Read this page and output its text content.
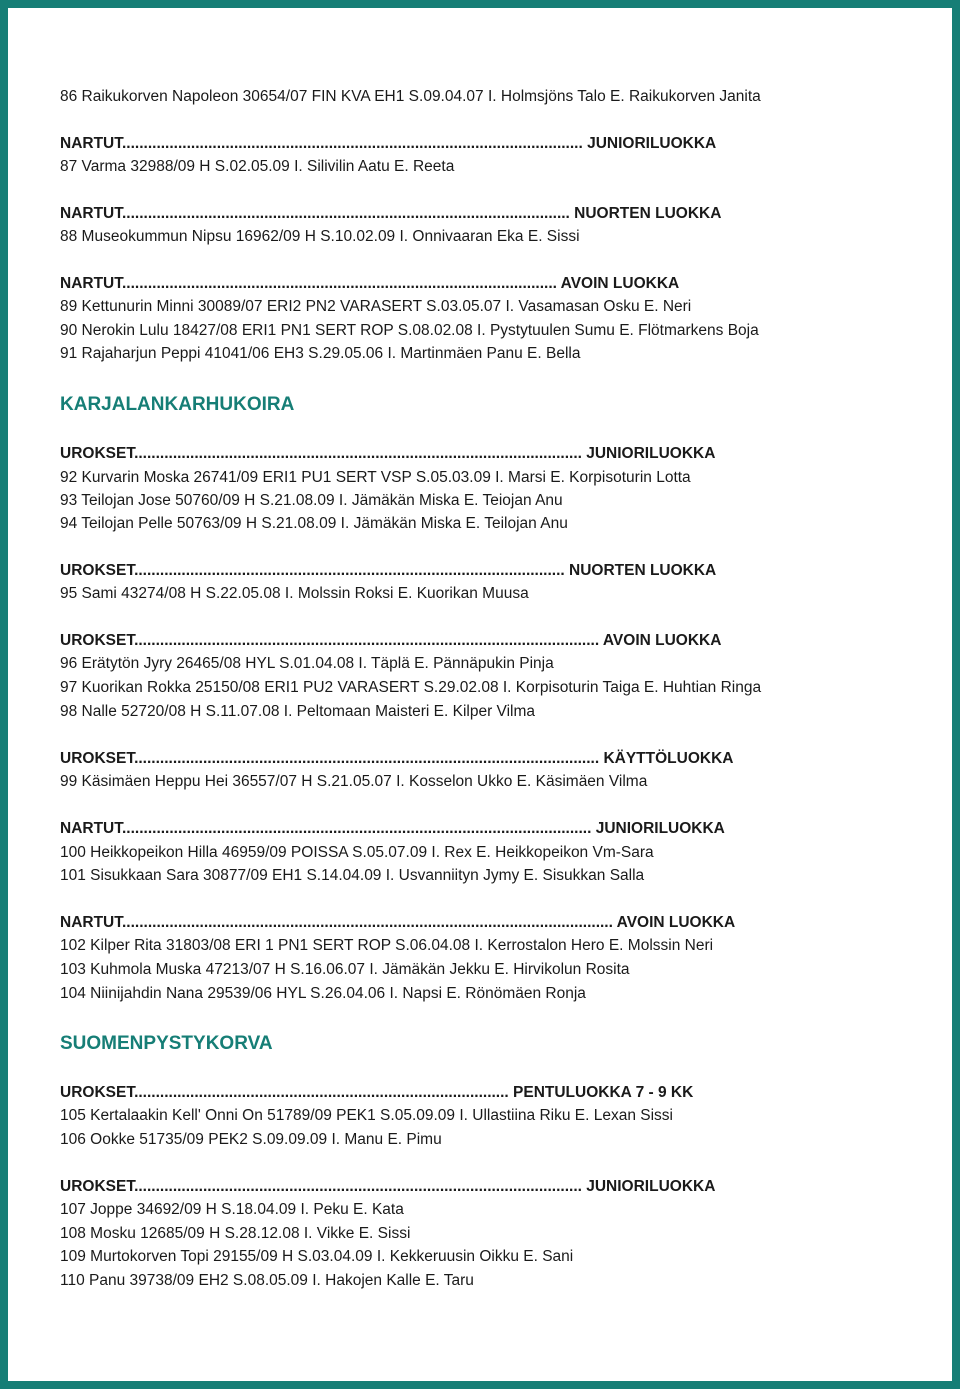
86 Raikukorven Napoleon 30654/07 FIN KVA EH1 S.09.04.07 I. Holmsjöns Talo E. Raikukorven Janita
NARTUT........................................................................................................... JUNIORILUOKKA
87 Varma 32988/09 H S.02.05.09 I. Silivilin Aatu E. Reeta
NARTUT........................................................................................................ NUORTEN LUOKKA
88 Museokummun Nipsu 16962/09 H S.10.02.09 I. Onnivaaran Eka E. Sissi
NARTUT..................................................................................................... AVOIN LUOKKA
89 Kettunurin Minni 30089/07 ERI2 PN2 VARASERT S.03.05.07 I. Vasamasan Osku E. Neri
90 Nerokin Lulu 18427/08 ERI1 PN1 SERT ROP S.08.02.08 I. Pystytuulen Sumu E. Flötmarkens Boja
91 Rajaharjun Peppi 41041/06 EH3 S.29.05.06 I. Martinmäen Panu E. Bella
KARJALANKARHUKOIRA
UROKSET........................................................................................................ JUNIORILUOKKA
92 Kurvarin Moska 26741/09 ERI1 PU1 SERT VSP S.05.03.09 I. Marsi E. Korpisoturin Lotta
93 Teilojan Jose 50760/09 H S.21.08.09 I. Jämäkän Miska E. Teiojan Anu
94 Teilojan Pelle 50763/09 H S.21.08.09 I. Jämäkän Miska E. Teilojan Anu
UROKSET.................................................................................................... NUORTEN LUOKKA
95 Sami 43274/08 H S.22.05.08 I. Molssin Roksi E. Kuorikan Muusa
UROKSET............................................................................................................ AVOIN LUOKKA
96 Erätytön Jyry 26465/08 HYL S.01.04.08 I. Täplä E. Pännäpukin Pinja
97 Kuorikan Rokka 25150/08 ERI1 PU2 VARASERT S.29.02.08 I. Korpisoturin Taiga E. Huhtian Ringa
98 Nalle 52720/08 H S.11.07.08 I. Peltomaan Maisteri E. Kilper Vilma
UROKSET............................................................................................................ KÄYTTÖLUOKKA
99 Käsimäen Heppu Hei 36557/07 H S.21.05.07 I. Kosselon Ukko E. Käsimäen Vilma
NARTUT............................................................................................................. JUNIORILUOKKA
100 Heikkopeikon Hilla 46959/09 POISSA S.05.07.09 I. Rex E. Heikkopeikon Vm-Sara
101 Sisukkaan Sara 30877/09 EH1 S.14.04.09 I. Usvanniityn Jymy E. Sisukkan Salla
NARTUT.................................................................................................................. AVOIN LUOKKA
102 Kilper Rita 31803/08 ERI 1 PN1 SERT ROP S.06.04.08 I. Kerrostalon Hero E. Molssin Neri
103 Kuhmola Muska 47213/07 H S.16.06.07 I. Jämäkän Jekku E. Hirvikolun Rosita
104 Niinijahdin Nana 29539/06 HYL S.26.04.06 I. Napsi E. Rönömäen Ronja
SUOMENPYSTYKORVA
UROKSET....................................................................................... PENTULUOKKA 7 - 9 KK
105 Kertalaakin Kell' Onni On 51789/09 PEK1 S.05.09.09 I. Ullastiina Riku E. Lexan Sissi
106 Ookke 51735/09 PEK2 S.09.09.09 I. Manu E. Pimu
UROKSET........................................................................................................ JUNIORILUOKKA
107 Joppe 34692/09 H S.18.04.09 I. Peku E. Kata
108 Mosku 12685/09 H S.28.12.08 I. Vikke E. Sissi
109 Murtokorven Topi 29155/09 H S.03.04.09 I. Kekkeruusin Oikku E. Sani
110 Panu 39738/09 EH2 S.08.05.09 I. Hakojen Kalle E. Taru
